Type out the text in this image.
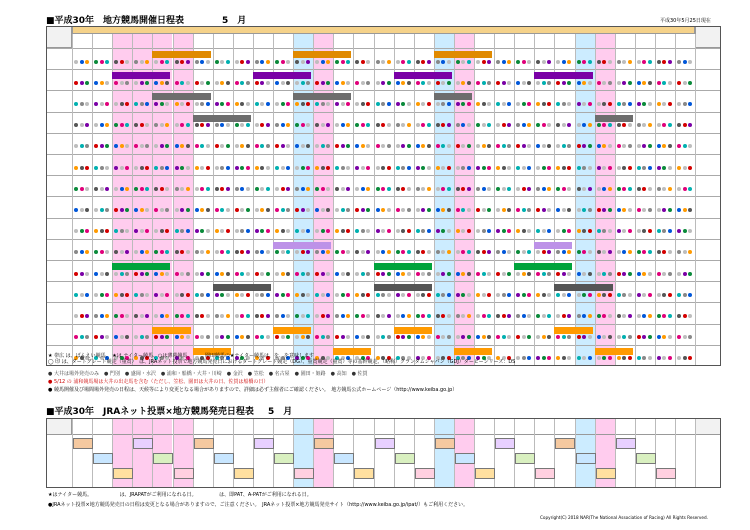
■平成30年　地方競馬開催日程表	5　月	平成30年5月25日現在
★ 帯広 は、ばんえい競馬。 ★は ナイター競馬、○は薄暮競馬。　　　園田競馬の★ナイター競馬は、を、を意味します
◯ 印 は、ダートグレード競走（重賞）　は、JRAネット投票で地方競馬発売日におけるダートグレード競走（DG）、重賞競走（重賞）等の基幹競走、（略称）グランダムジャパン（GDJ）ダービーシリーズ：DS
● 大井は場外発売のみ　● 門別　● 盛岡・水沢　● 浦和・船橋・大井・川崎　● 金沢　● 笠松　● 名古屋　● 園田・姫路　● 高知　● 佐賀
● 5/12 の 浦和競馬場は大井の出走馬を含む（ただし、笠松、園田は大井の日、佐賀は船橋の日）
● 競馬開催及び場間場外発売の日程は、天候等により変更となる場合がありますので、詳細は必ず主催者にご確認ください。　地方競馬公式ホームページ（http://www.keiba.go.jp）
■平成30年　JRAネット投票×地方競馬発売日程表 5　月
★はナイター競馬。　　　　　　は、JRAPATがご利用になれる日。　　　　　は、即PAT、A-PATがご利用になれる日。
●JRAネット投票×地方競馬発売日の日程は変更となる場合がありますので、ご注意ください。　JRAネット投票×地方競馬発売サイト（http://www.keiba.go.jp/ipat/）もご利用ください。
Copyright(C) 2018 NAR(The National Association of Racing) All Rights Reserved.
